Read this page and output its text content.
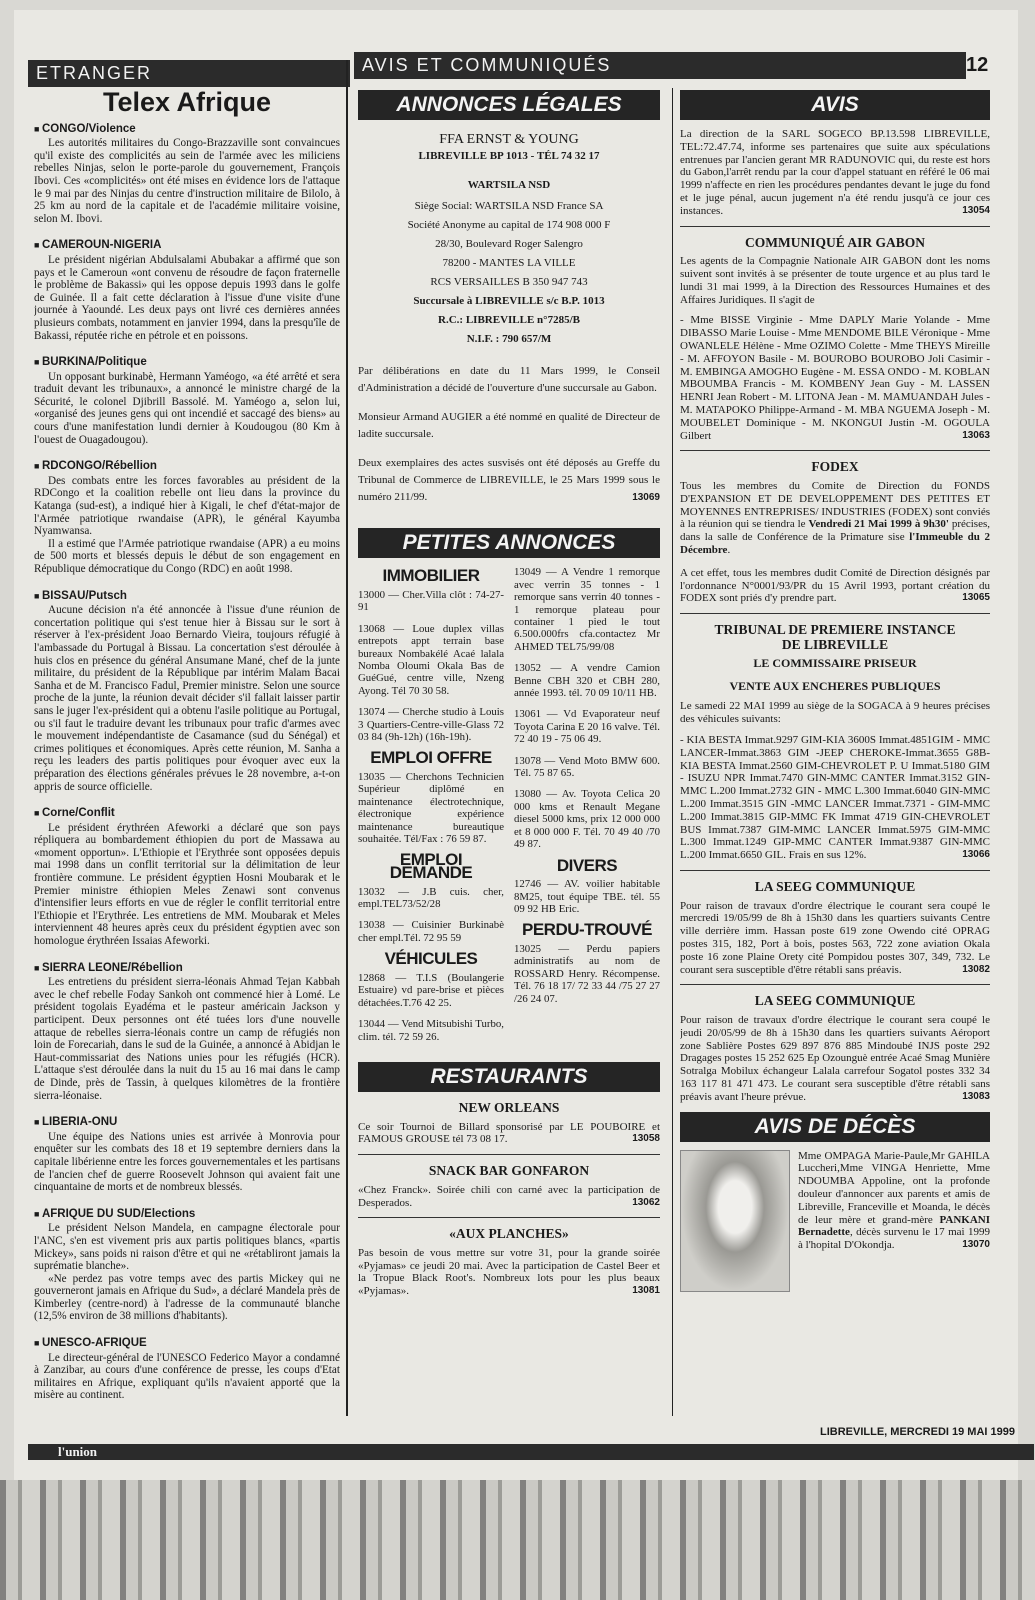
ETRANGER	AVIS ET COMMUNIQUÉS	12
Telex Afrique
■ CONGO/Violence

Les autorités militaires du Congo-Brazzaville sont convaincues qu'il existe des complicités au sein de l'armée avec les miliciens rebelles Ninjas, selon le porte-parole du gouvernement, François Ibovi. Ces «complicités» ont été mises en évidence lors de l'attaque le 9 mai par des Ninjas du centre d'instruction militaire de Bilolo, à 25 km au nord de la capitale et de l'académie militaire voisine, selon M. Ibovi.

■ CAMEROUN-NIGERIA

Le président nigérian Abdulsalami Abubakar a affirmé que son pays et le Cameroun «ont convenu de résoudre de façon fraternelle le problème de Bakassi» qui les oppose depuis 1993 dans le golfe de Guinée. Il a fait cette déclaration à l'issue d'une visite d'une journée à Yaoundé. Les deux pays ont livré ces dernières années plusieurs combats, notamment en janvier 1994, dans la presqu'île de Bakassi, réputée riche en pétrole et en poissons.

■ BURKINA/Politique

Un opposant burkinabè, Hermann Yaméogo, «a été arrêté et sera traduit devant les tribunaux», a annoncé le ministre chargé de la Sécurité, le colonel Djibrill Bassolé. M. Yaméogo a, selon lui, «organisé des jeunes gens qui ont incendié et saccagé des biens» au cours d'une manifestation lundi dernier à Koudougou (80 Km à l'ouest de Ouagadougou).

■ RDCONGO/Rébellion

Des combats entre les forces favorables au président de la RDCongo et la coalition rebelle ont lieu dans la province du Katanga (sud-est), a indiqué hier à Kigali, le chef d'état-major de l'Armée patriotique rwandaise (APR), le général Kayumba Nyamwansa.

Il a estimé que l'Armée patriotique rwandaise (APR) a eu moins de 500 morts et blessés depuis le début de son engagement en République démocratique du Congo (RDC) en août 1998.

■ BISSAU/Putsch

Aucune décision n'a été annoncée à l'issue d'une réunion de concertation politique qui s'est tenue hier à Bissau sur le sort à réserver à l'ex-président Joao Bernardo Vieira, toujours réfugié à l'ambassade du Portugal à Bissau. La concertation s'est déroulée à huis clos en présence du général Ansumane Mané, chef de la junte militaire, du président de la République par intérim Malam Bacai Sanha et de M. Francisco Fadul, Premier ministre. Selon une source proche de la junte, la réunion devait décider s'il fallait laisser partir sans le juger l'ex-président qui a obtenu l'asile politique au Portugal, ou s'il faut le traduire devant les tribunaux pour trafic d'armes avec le mouvement indépendantiste de Casamance (sud du Sénégal) et crimes politiques et économiques. Après cette réunion, M. Sanha a reçu les leaders des partis politiques pour évoquer avec eux la préparation des élections générales prévues le 28 novembre, a-t-on appris de source officielle.

■ Corne/Conflit

Le président érythréen Afeworki a déclaré que son pays répliquera au bombardement éthiopien du port de Massawa au «moment opportun». L'Ethiopie et l'Erythrée sont opposées depuis mai 1998 dans un conflit territorial sur la délimitation de leur frontière commune. Le président égyptien Hosni Moubarak et le Premier ministre éthiopien Meles Zenawi sont convenus d'intensifier leurs efforts en vue de régler le conflit territorial entre l'Ethiopie et l'Erythrée. Les entretiens de MM. Moubarak et Meles interviennent 48 heures après ceux du président égyptien avec son homologue érythréen Issaias Afeworki.

■ SIERRA LEONE/Rébellion

Les entretiens du président sierra-léonais Ahmad Tejan Kabbah avec le chef rebelle Foday Sankoh ont commencé hier à Lomé. Le président togolais Eyadéma et le pasteur américain Jackson y participent. Deux personnes ont été tuées lors d'une nouvelle attaque de rebelles sierra-léonais contre un camp de réfugiés non loin de Forecariah, dans le sud de la Guinée, a annoncé à Abidjan le Haut-commissariat des Nations unies pour les réfugiés (HCR). L'attaque s'est déroulée dans la nuit du 15 au 16 mai dans le camp de Dinde, près de Tassin, à quelques kilomètres de la frontière sierra-léonaise.

■ LIBERIA-ONU

Une équipe des Nations unies est arrivée à Monrovia pour enquêter sur les combats des 18 et 19 septembre derniers dans la capitale libérienne entre les forces gouvernementales et les partisans de l'ancien chef de guerre Roosevelt Johnson qui avaient fait une cinquantaine de morts et de nombreux blessés.

■ AFRIQUE DU SUD/Elections

Le président Nelson Mandela, en campagne électorale pour l'ANC, s'en est vivement pris aux partis politiques blancs, «partis Mickey», sans poids ni raison d'être et qui ne «rétabliront jamais la suprématie blanche».

«Ne perdez pas votre temps avec des partis Mickey qui ne gouverneront jamais en Afrique du Sud», a déclaré Mandela près de Kimberley (centre-nord) à l'adresse de la communauté blanche (12,5% environ de 38 millions d'habitants).

■ UNESCO-AFRIQUE

Le directeur-général de l'UNESCO Federico Mayor a condamné à Zanzibar, au cours d'une conférence de presse, les coups d'Etat militaires en Afrique, expliquant qu'ils n'avaient apporté que la misère au continent.

ANNONCES LÉGALES
FFA ERNST & YOUNG
LIBREVILLE BP 1013 - TÉL 74 32 17
WARTSILA NSD
Siège Social: WARTSILA NSD France SA
Société Anonyme au capital de 174 908 000 F
28/30, Boulevard Roger Salengro
78200 - MANTES LA VILLE
RCS VERSAILLES B 350 947 743
Succursale à LIBREVILLE s/c B.P. 1013
R.C.: LIBREVILLE n°7285/B
N.I.F. : 790 657/M
Par délibérations en date du 11 Mars 1999, le Conseil d'Administration a décidé de l'ouverture d'une succursale au Gabon.
Monsieur Armand AUGIER a été nommé en qualité de Directeur de ladite succursale.
Deux exemplaires des actes susvisés ont été déposés au Greffe du Tribunal de Commerce de LIBREVILLE, le 25 Mars 1999 sous le numéro 211/99.	13069
PETITES ANNONCES
IMMOBILIER
13000 — Cher.Villa clôt : 74-27-91
13068 — Loue duplex villas entrepots appt terrain base bureaux Nombakélé Acaé lalala Nomba Oloumi Okala Bas de GuéGué, centre ville, Nzeng Ayong. Tél 70 30 58.
13074 — Cherche studio à Louis 3 Quartiers-Centre-ville-Glass 72 03 84 (9h-12h) (16h-19h).
EMPLOI OFFRE
13035 — Cherchons Technicien Supérieur diplômé en maintenance électrotechnique, électronique expérience maintenance bureautique souhaitée. Tél/Fax : 76 59 87.
EMPLOI DEMANDE
13032 — J.B cuis. cher, empl.TEL73/52/28
13038 — Cuisinier Burkinabè cher empl.Tél. 72 95 59
VÉHICULES
12868 — T.I.S (Boulangerie Estuaire) vd pare-brise et pièces détachées.T.76 42 25.
13044 — Vend Mitsubishi Turbo, clim. tél. 72 59 26.
13049 — A Vendre 1 remorque avec verrin 35 tonnes - 1 remorque sans verrin 40 tonnes - 1 remorque plateau pour container 1 pied le tout 6.500.000frs cfa.contactez Mr AHMED TEL75/99/08
13052 — A vendre Camion Benne CBH 320 et CBH 280, année 1993. tél. 70 09 10/11 HB.
13061 — Vd Evaporateur neuf Toyota Carina E 20 16 valve. Tél. 72 40 19 - 75 06 49.
13078 — Vend Moto BMW 600. Tél. 75 87 65.
13080 — Av. Toyota Celica 20 000 kms et Renault Megane diesel 5000 kms, prix 12 000 000 et 8 000 000 F. Tél. 70 49 40 /70 49 87.
DIVERS
12746 — AV. voilier habitable 8M25, tout équipe TBE. tél. 55 09 92 HB Eric.
PERDU-TROUVÉ
13025 — Perdu papiers administratifs au nom de ROSSARD Henry. Récompense. Tél. 76 18 17/ 72 33 44 /75 27 27 /26 24 07.
RESTAURANTS
NEW ORLEANS
Ce soir Tournoi de Billard sponsorisé par LE POUBOIRE et FAMOUS GROUSE tél 73 08 17.	13058
SNACK BAR GONFARON
«Chez Franck». Soirée chili con carné avec la participation de Desperados.	13062
«AUX PLANCHES»
Pas besoin de vous mettre sur votre 31, pour la grande soirée «Pyjamas» ce jeudi 20 mai. Avec la participation de Castel Beer et la Tropue Black Root's. Nombreux lots pour les plus beaux «Pyjamas».	13081
AVIS
La direction de la SARL SOGECO BP.13.598 LIBREVILLE, TEL:72.47.74, informe ses partenaires que suite aux spéculations entrenues par l'ancien gerant MR RADUNOVIC qui, du reste est hors du Gabon,l'arrêt rendu par la cour d'appel statuant en référé le 06 mai 1999 n'affecte en rien les procédures pendantes devant le juge du fond et le juge pénal, aucun jugement n'a été rendu jusqu'à ce jour ces instances.	13054
COMMUNIQUÉ AIR GABON
Les agents de la Compagnie Nationale AIR GABON dont les noms suivent sont invités à se présenter de toute urgence et au plus tard le lundi 31 mai 1999, à la Direction des Ressources Humaines et des Affaires Juridiques. Il s'agit de
- Mme BISSE Virginie - Mme DAPLY Marie Yolande - Mme DIBASSO Marie Louise - Mme MENDOME BILE Véronique - Mme OWANLELE Hélène - Mme OZIMO Colette - Mme THEYS Mireille - M. AFFOYON Basile - M. BOUROBO BOUROBO Joli Casimir - M. EMBINGA AMOGHO Eugène - M. ESSA ONDO - M. KOBLAN MBOUMBA Francis - M. KOMBENY Jean Guy - M. LASSEN HENRI Jean Robert - M. LITONA Jean - M. MAMUANDAH Jules - M. MATAPOKO Philippe-Armand - M. MBA NGUEMA Joseph - M. MOUBELET Dominique - M. NKONGUI Justin -M. OGOULA Gilbert	13063
FODEX
Tous les membres du Comite de Direction du FONDS D'EXPANSION ET DE DEVELOPPEMENT DES PETITES ET MOYENNES ENTREPRISES/ INDUSTRIES (FODEX) sont conviés à la réunion qui se tiendra le Vendredi 21 Mai 1999 à 9h30' précises, dans la salle de Conférence de la Primature sise l'Immeuble du 2 Décembre.
A cet effet, tous les membres dudit Comité de Direction désignés par l'ordonnance N°0001/93/PR du 15 Avril 1993, portant création du FODEX sont priés d'y prendre part.	13065
TRIBUNAL DE PREMIERE INSTANCE
DE LIBREVILLE
LE COMMISSAIRE PRISEUR
VENTE AUX ENCHERES PUBLIQUES
Le samedi 22 MAI 1999 au siège de la SOGACA à 9 heures précises des véhicules suivants:
- KIA BESTA Immat.9297 GIM-KIA 3600S Immat.4851GIM - MMC LANCER-Immat.3863 GIM -JEEP CHEROKE-Immat.3655 G8B-KIA BESTA Immat.2560 GIM-CHEVROLET P. U Immat.5180 GIM - ISUZU NPR Immat.7470 GIN-MMC CANTER Immat.3152 GIN-MMC L.200 Immat.2732 GIN - MMC L.300 Immat.6040 GIN-MMC L.200 Immat.3515 GIN -MMC LANCER Immat.7371 - GIM-MMC L.200 Immat.3815 GIP-MMC FK Immat 4719 GIN-CHEVROLET BUS Immat.7387 GIM-MMC LANCER Immat.5975 GIM-MMC L.300 Immat.1249 GIP-MMC CANTER Immat.9387 GIN-MMC L.200 Immat.6650 GIL. Frais en sus 12%.	13066
LA SEEG COMMUNIQUE
Pour raison de travaux d'ordre électrique le courant sera coupé le mercredi 19/05/99 de 8h à 15h30 dans les quartiers suivants Centre ville derrière imm. Hassan poste 619 zone Owendo cité OPRAG postes 315, 182, Port à bois, postes 563, 722 zone aviation Okala poste 16 zone Plaine Orety cité Pompidou postes 307, 349, 732. Le courant sera susceptible d'être rétabli sans préavis.	13082
LA SEEG COMMUNIQUE
Pour raison de travaux d'ordre électrique le courant sera coupé le jeudi 20/05/99 de 8h à 15h30 dans les quartiers suivants Aéroport zone Sablière Postes 629 897 876 885 Mindoubé INJS poste 292 Dragages postes 15 252 625 Ep Ozounguè entrée Acaé Smag Munière Sotralga Mobilux échangeur Lalala carrefour Sogatol postes 332 34 163 117 81 471 473. Le courant sera susceptible d'être rétabli sans préavis avant l'heure prévue.	13083
AVIS DE DÉCÈS
Mme OMPAGA Marie-Paule,Mr GAHILA Luccheri,Mme VINGA Henriette, Mme NDOUMBA Appoline, ont la profonde douleur d'annoncer aux parents et amis de Libreville, Franceville et Moanda, le décès de leur mère et grand-mère PANKANI Bernadette, décès survenu le 17 mai 1999 à l'hopital D'Okondja.	13070
LIBREVILLE, MERCREDI 19 MAI 1999
l'union
